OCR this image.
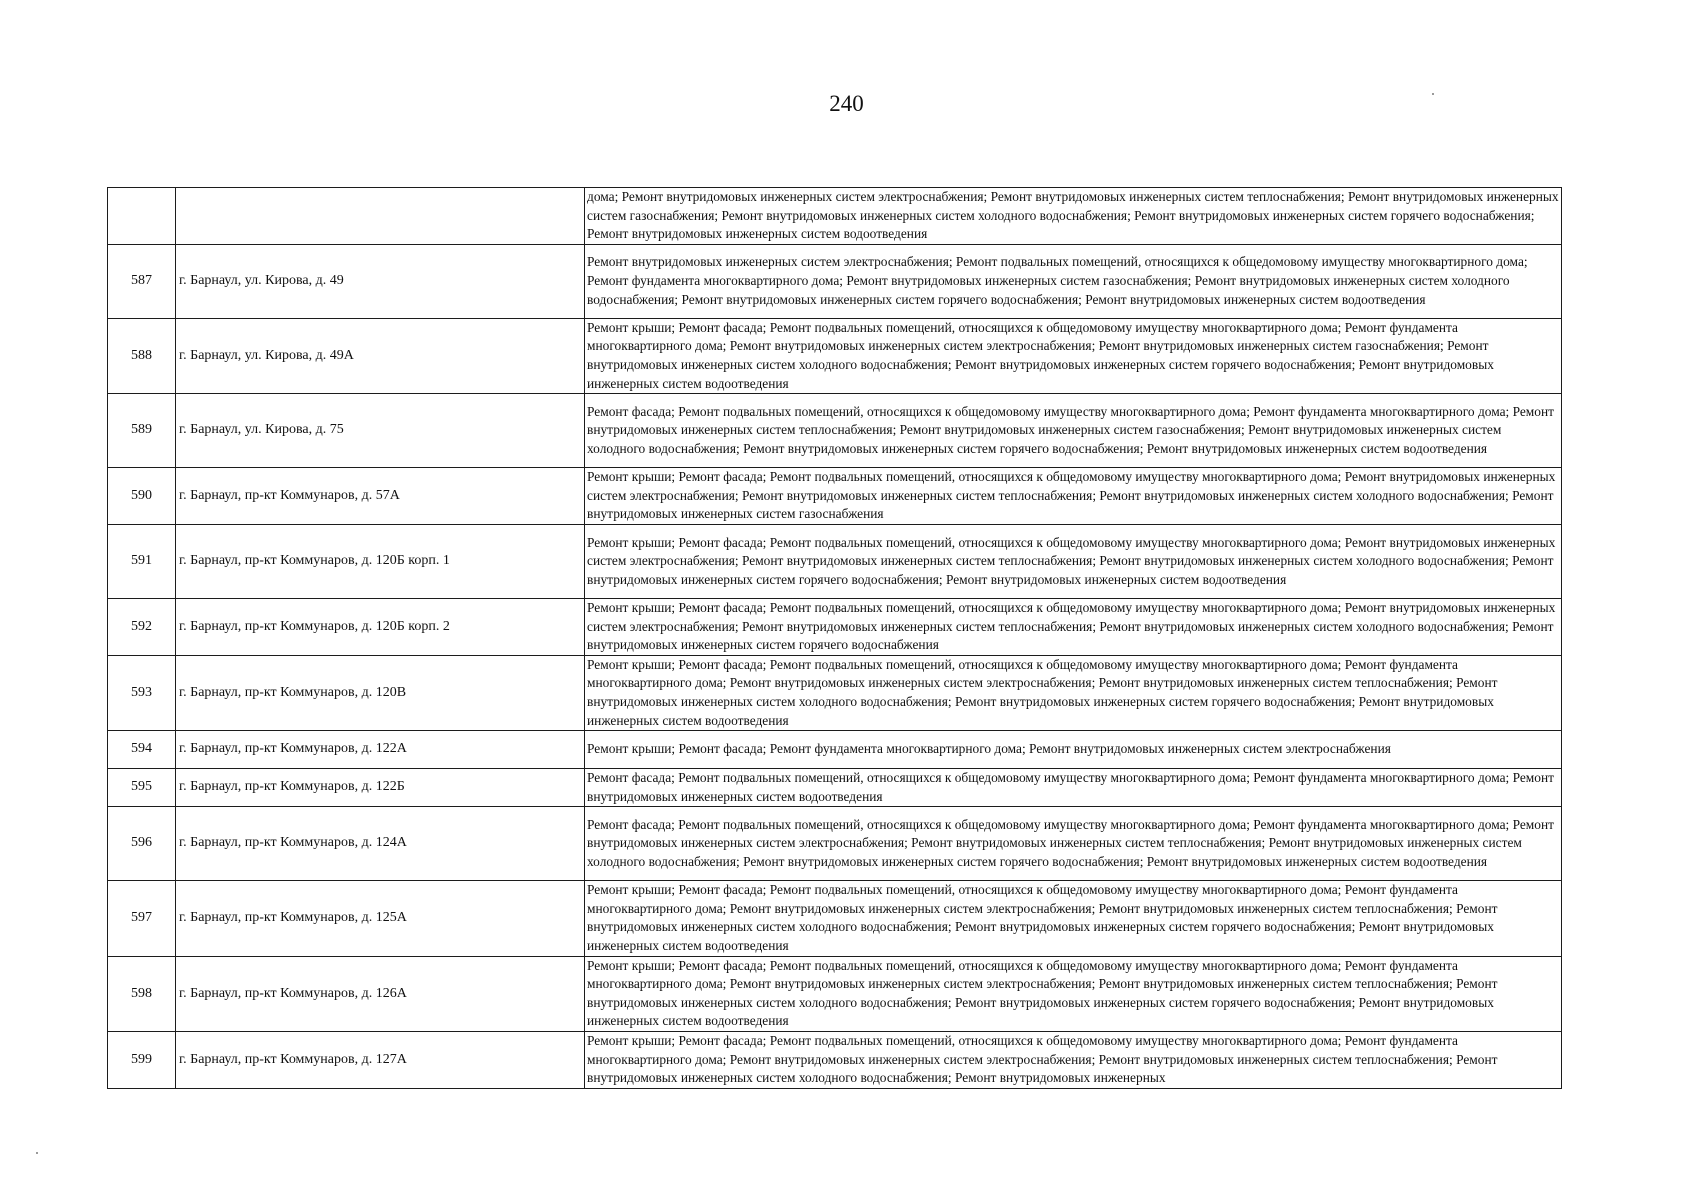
240
		дома; Ремонт внутридомовых инженерных систем электроснабжения; Ремонт внутридомовых инженерных систем теплоснабжения; Ремонт внутридомовых инженерных систем газоснабжения; Ремонт внутридомовых инженерных систем холодного водоснабжения; Ремонт внутридомовых инженерных систем горячего водоснабжения; Ремонт внутридомовых инженерных систем водоотведения
587	г. Барнаул, ул. Кирова, д. 49	Ремонт внутридомовых инженерных систем электроснабжения; Ремонт подвальных помещений, относящихся к общедомовому имуществу многоквартирного дома; Ремонт фундамента многоквартирного дома; Ремонт внутридомовых инженерных систем газоснабжения; Ремонт внутридомовых инженерных систем холодного водоснабжения; Ремонт внутридомовых инженерных систем горячего водоснабжения; Ремонт внутридомовых инженерных систем водоотведения
588	г. Барнаул, ул. Кирова, д. 49А	Ремонт крыши; Ремонт фасада; Ремонт подвальных помещений, относящихся к общедомовому имуществу многоквартирного дома; Ремонт фундамента многоквартирного дома; Ремонт внутридомовых инженерных систем электроснабжения; Ремонт внутридомовых инженерных систем газоснабжения; Ремонт внутридомовых инженерных систем холодного водоснабжения; Ремонт внутридомовых инженерных систем горячего водоснабжения; Ремонт внутридомовых инженерных систем водоотведения
589	г. Барнаул, ул. Кирова, д. 75	Ремонт фасада; Ремонт подвальных помещений, относящихся к общедомовому имуществу многоквартирного дома; Ремонт фундамента многоквартирного дома; Ремонт внутридомовых инженерных систем теплоснабжения; Ремонт внутридомовых инженерных систем газоснабжения; Ремонт внутридомовых инженерных систем холодного водоснабжения; Ремонт внутридомовых инженерных систем горячего водоснабжения; Ремонт внутридомовых инженерных систем водоотведения
590	г. Барнаул, пр-кт Коммунаров, д. 57А	Ремонт крыши; Ремонт фасада; Ремонт подвальных помещений, относящихся к общедомовому имуществу многоквартирного дома; Ремонт внутридомовых инженерных систем электроснабжения; Ремонт внутридомовых инженерных систем теплоснабжения; Ремонт внутридомовых инженерных систем холодного водоснабжения; Ремонт внутридомовых инженерных систем газоснабжения
591	г. Барнаул, пр-кт Коммунаров, д. 120Б корп. 1	Ремонт крыши; Ремонт фасада; Ремонт подвальных помещений, относящихся к общедомовому имуществу многоквартирного дома; Ремонт внутридомовых инженерных систем электроснабжения; Ремонт внутридомовых инженерных систем теплоснабжения; Ремонт внутридомовых инженерных систем холодного водоснабжения; Ремонт внутридомовых инженерных систем горячего водоснабжения; Ремонт внутридомовых инженерных систем водоотведения
592	г. Барнаул, пр-кт Коммунаров, д. 120Б корп. 2	Ремонт крыши; Ремонт фасада; Ремонт подвальных помещений, относящихся к общедомовому имуществу многоквартирного дома; Ремонт внутридомовых инженерных систем электроснабжения; Ремонт внутридомовых инженерных систем теплоснабжения; Ремонт внутридомовых инженерных систем холодного водоснабжения; Ремонт внутридомовых инженерных систем горячего водоснабжения
593	г. Барнаул, пр-кт Коммунаров, д. 120В	Ремонт крыши; Ремонт фасада; Ремонт подвальных помещений, относящихся к общедомовому имуществу многоквартирного дома; Ремонт фундамента многоквартирного дома; Ремонт внутридомовых инженерных систем электроснабжения; Ремонт внутридомовых инженерных систем теплоснабжения; Ремонт внутридомовых инженерных систем холодного водоснабжения; Ремонт внутридомовых инженерных систем горячего водоснабжения; Ремонт внутридомовых инженерных систем водоотведения
594	г. Барнаул, пр-кт Коммунаров, д. 122А	Ремонт крыши; Ремонт фасада; Ремонт фундамента многоквартирного дома; Ремонт внутридомовых инженерных систем электроснабжения
595	г. Барнаул, пр-кт Коммунаров, д. 122Б	Ремонт фасада; Ремонт подвальных помещений, относящихся к общедомовому имуществу многоквартирного дома; Ремонт фундамента многоквартирного дома; Ремонт внутридомовых инженерных систем водоотведения
596	г. Барнаул, пр-кт Коммунаров, д. 124А	Ремонт фасада; Ремонт подвальных помещений, относящихся к общедомовому имуществу многоквартирного дома; Ремонт фундамента многоквартирного дома; Ремонт внутридомовых инженерных систем электроснабжения; Ремонт внутридомовых инженерных систем теплоснабжения; Ремонт внутридомовых инженерных систем холодного водоснабжения; Ремонт внутридомовых инженерных систем горячего водоснабжения; Ремонт внутридомовых инженерных систем водоотведения
597	г. Барнаул, пр-кт Коммунаров, д. 125А	Ремонт крыши; Ремонт фасада; Ремонт подвальных помещений, относящихся к общедомовому имуществу многоквартирного дома; Ремонт фундамента многоквартирного дома; Ремонт внутридомовых инженерных систем электроснабжения; Ремонт внутридомовых инженерных систем теплоснабжения; Ремонт внутридомовых инженерных систем холодного водоснабжения; Ремонт внутридомовых инженерных систем горячего водоснабжения; Ремонт внутридомовых инженерных систем водоотведения
598	г. Барнаул, пр-кт Коммунаров, д. 126А	Ремонт крыши; Ремонт фасада; Ремонт подвальных помещений, относящихся к общедомовому имуществу многоквартирного дома; Ремонт фундамента многоквартирного дома; Ремонт внутридомовых инженерных систем электроснабжения; Ремонт внутридомовых инженерных систем теплоснабжения; Ремонт внутридомовых инженерных систем холодного водоснабжения; Ремонт внутридомовых инженерных систем горячего водоснабжения; Ремонт внутридомовых инженерных систем водоотведения
599	г. Барнаул, пр-кт Коммунаров, д. 127А	Ремонт крыши; Ремонт фасада; Ремонт подвальных помещений, относящихся к общедомовому имуществу многоквартирного дома; Ремонт фундамента многоквартирного дома; Ремонт внутридомовых инженерных систем электроснабжения; Ремонт внутридомовых инженерных систем теплоснабжения; Ремонт внутридомовых инженерных систем холодного водоснабжения; Ремонт внутридомовых инженерных
